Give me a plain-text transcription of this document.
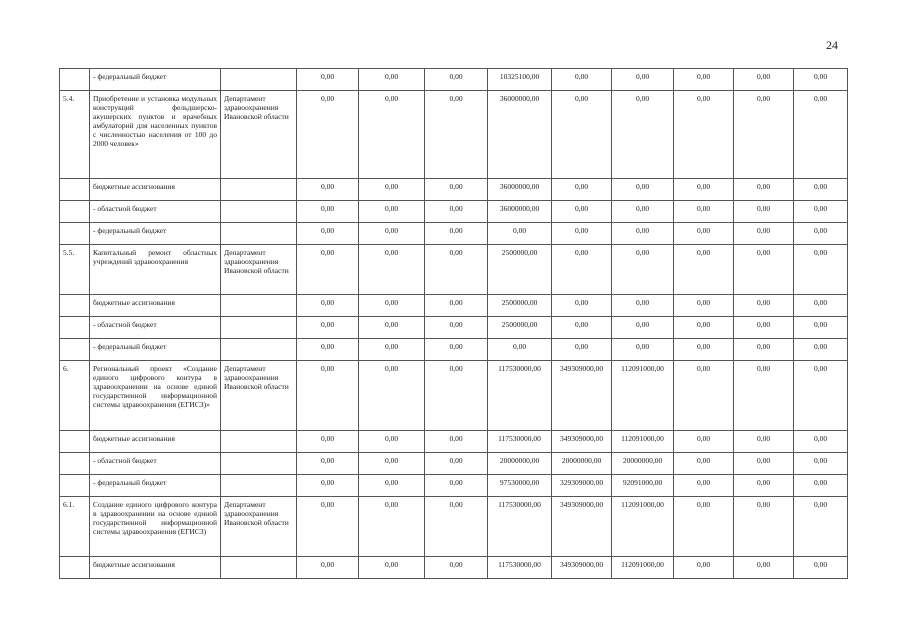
24
	- федеральный бюджет		0,00	0,00	0,00	10325100,00	0,00	0,00	0,00	0,00	0,00
5.4.	Приобретение и установка модульных конструкций фельдшерско-акушерских пунктов и врачебных амбулаторий для населенных пунктов с численностью населения от 100 до 2000 человек»	Департамент здравоохранения Ивановской области	0,00	0,00	0,00	36000000,00	0,00	0,00	0,00	0,00	0,00
	бюджетные ассигнования		0,00	0,00	0,00	36000000,00	0,00	0,00	0,00	0,00	0,00
	- областной бюджет		0,00	0,00	0,00	36000000,00	0,00	0,00	0,00	0,00	0,00
	- федеральный бюджет		0,00	0,00	0,00	0,00	0,00	0,00	0,00	0,00	0,00
5.5.	Капитальный ремонт областных учреждений здравоохранения	Департамент здравоохранения Ивановской области	0,00	0,00	0,00	2500000,00	0,00	0,00	0,00	0,00	0,00
	бюджетные ассигнования		0,00	0,00	0,00	2500000,00	0,00	0,00	0,00	0,00	0,00
	- областной бюджет		0,00	0,00	0,00	2500000,00	0,00	0,00	0,00	0,00	0,00
	- федеральный бюджет		0,00	0,00	0,00	0,00	0,00	0,00	0,00	0,00	0,00
6.	Региональный проект «Создание единого цифрового контура в здравоохранении на основе единой государственной информационной системы здравоохранения (ЕГИСЗ)»	Департамент здравоохранения Ивановской области	0,00	0,00	0,00	117530000,00	349309000,00	112091000,00	0,00	0,00	0,00
	бюджетные ассигнования		0,00	0,00	0,00	117530000,00	349309000,00	112091000,00	0,00	0,00	0,00
	- областной бюджет		0,00	0,00	0,00	20000000,00	20000000,00	20000000,00	0,00	0,00	0,00
	- федеральный бюджет		0,00	0,00	0,00	97530000,00	329309000,00	92091000,00	0,00	0,00	0,00
6.1.	Создание единого цифрового контура в здравоохранении на основе единой государственной информационной системы здравоохранения (ЕГИСЗ)	Департамент здравоохранения Ивановской области	0,00	0,00	0,00	117530000,00	349309000,00	112091000,00	0,00	0,00	0,00
	бюджетные ассигнования		0,00	0,00	0,00	117530000,00	349309000,00	112091000,00	0,00	0,00	0,00
